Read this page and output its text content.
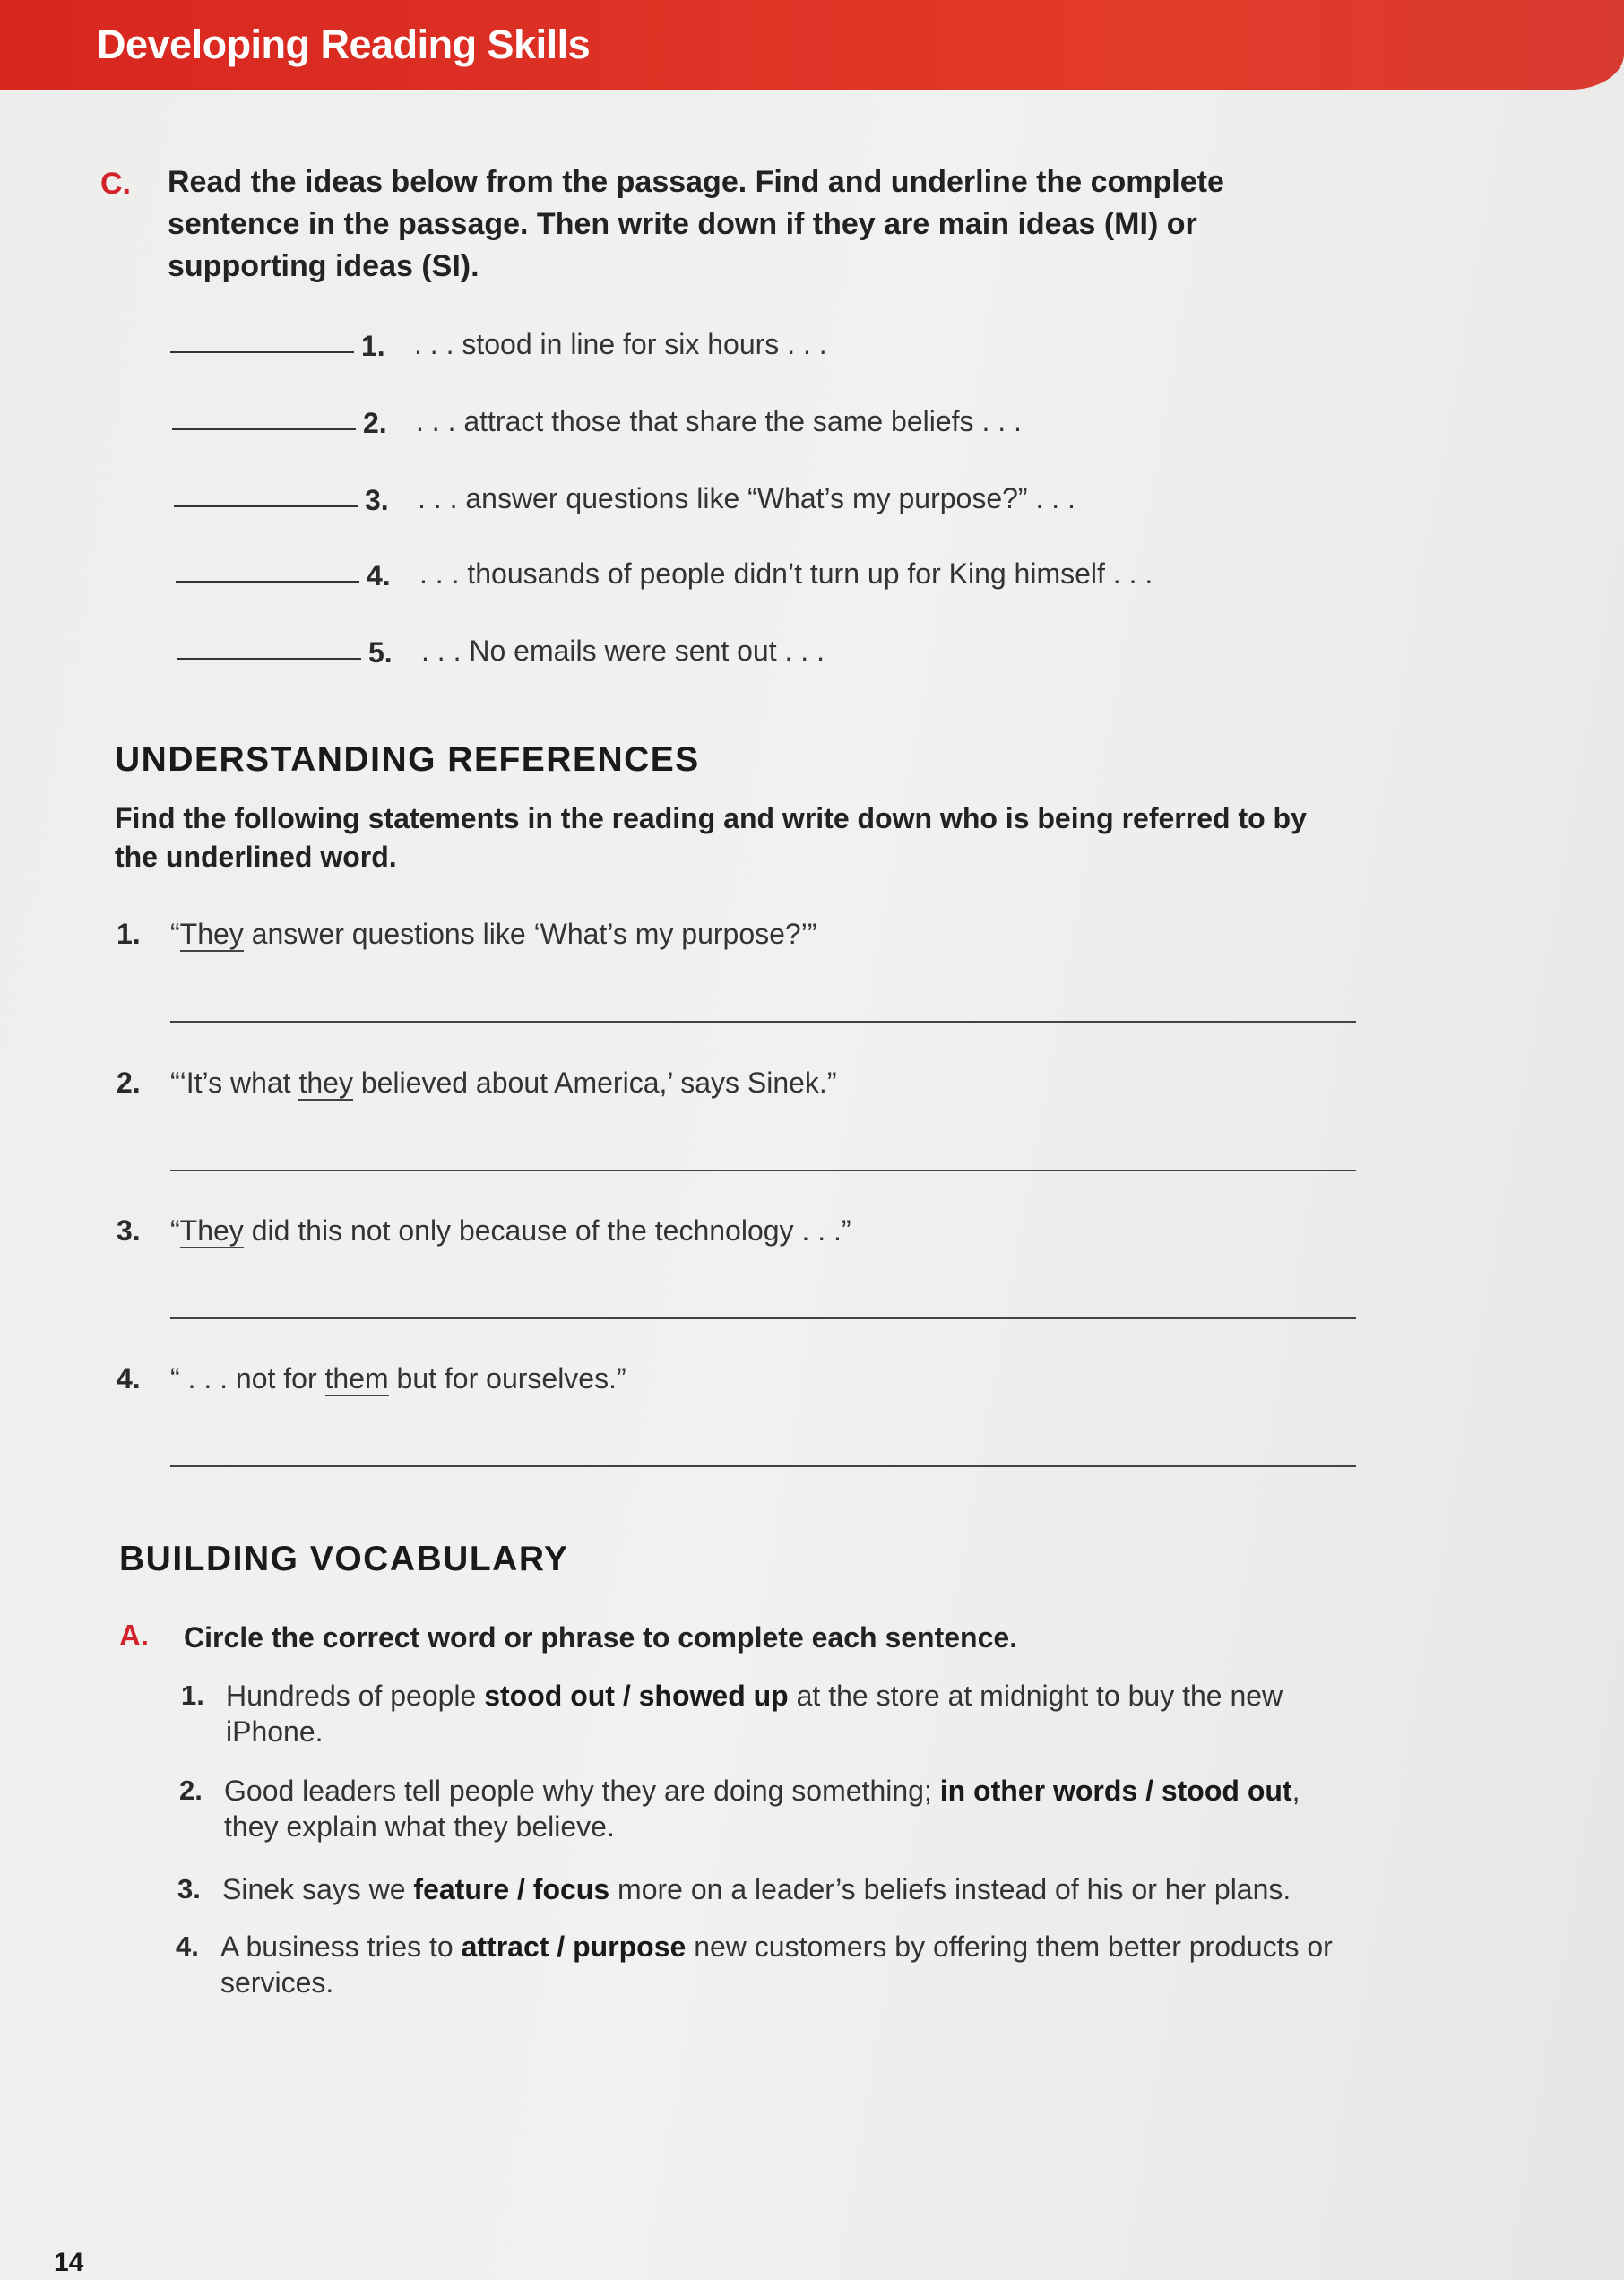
Developing Reading Skills
C. Read the ideas below from the passage. Find and underline the complete sentence in the passage. Then write down if they are main ideas (MI) or supporting ideas (SI).
1. . . . stood in line for six hours . . .
2. . . . attract those that share the same beliefs . . .
3. . . . answer questions like “What’s my purpose?” . . .
4. . . . thousands of people didn’t turn up for King himself . . .
5. . . . No emails were sent out . . .
UNDERSTANDING REFERENCES
Find the following statements in the reading and write down who is being referred to by the underlined word.
1. “They answer questions like ‘What’s my purpose?’”
2. “‘It’s what they believed about America,’ says Sinek.”
3. “They did this not only because of the technology . . .”
4. “ . . . not for them but for ourselves.”
BUILDING VOCABULARY
A. Circle the correct word or phrase to complete each sentence.
1. Hundreds of people stood out / showed up at the store at midnight to buy the new iPhone.
2. Good leaders tell people why they are doing something; in other words / stood out, they explain what they believe.
3. Sinek says we feature / focus more on a leader’s beliefs instead of his or her plans.
4. A business tries to attract / purpose new customers by offering them better products or services.
14
